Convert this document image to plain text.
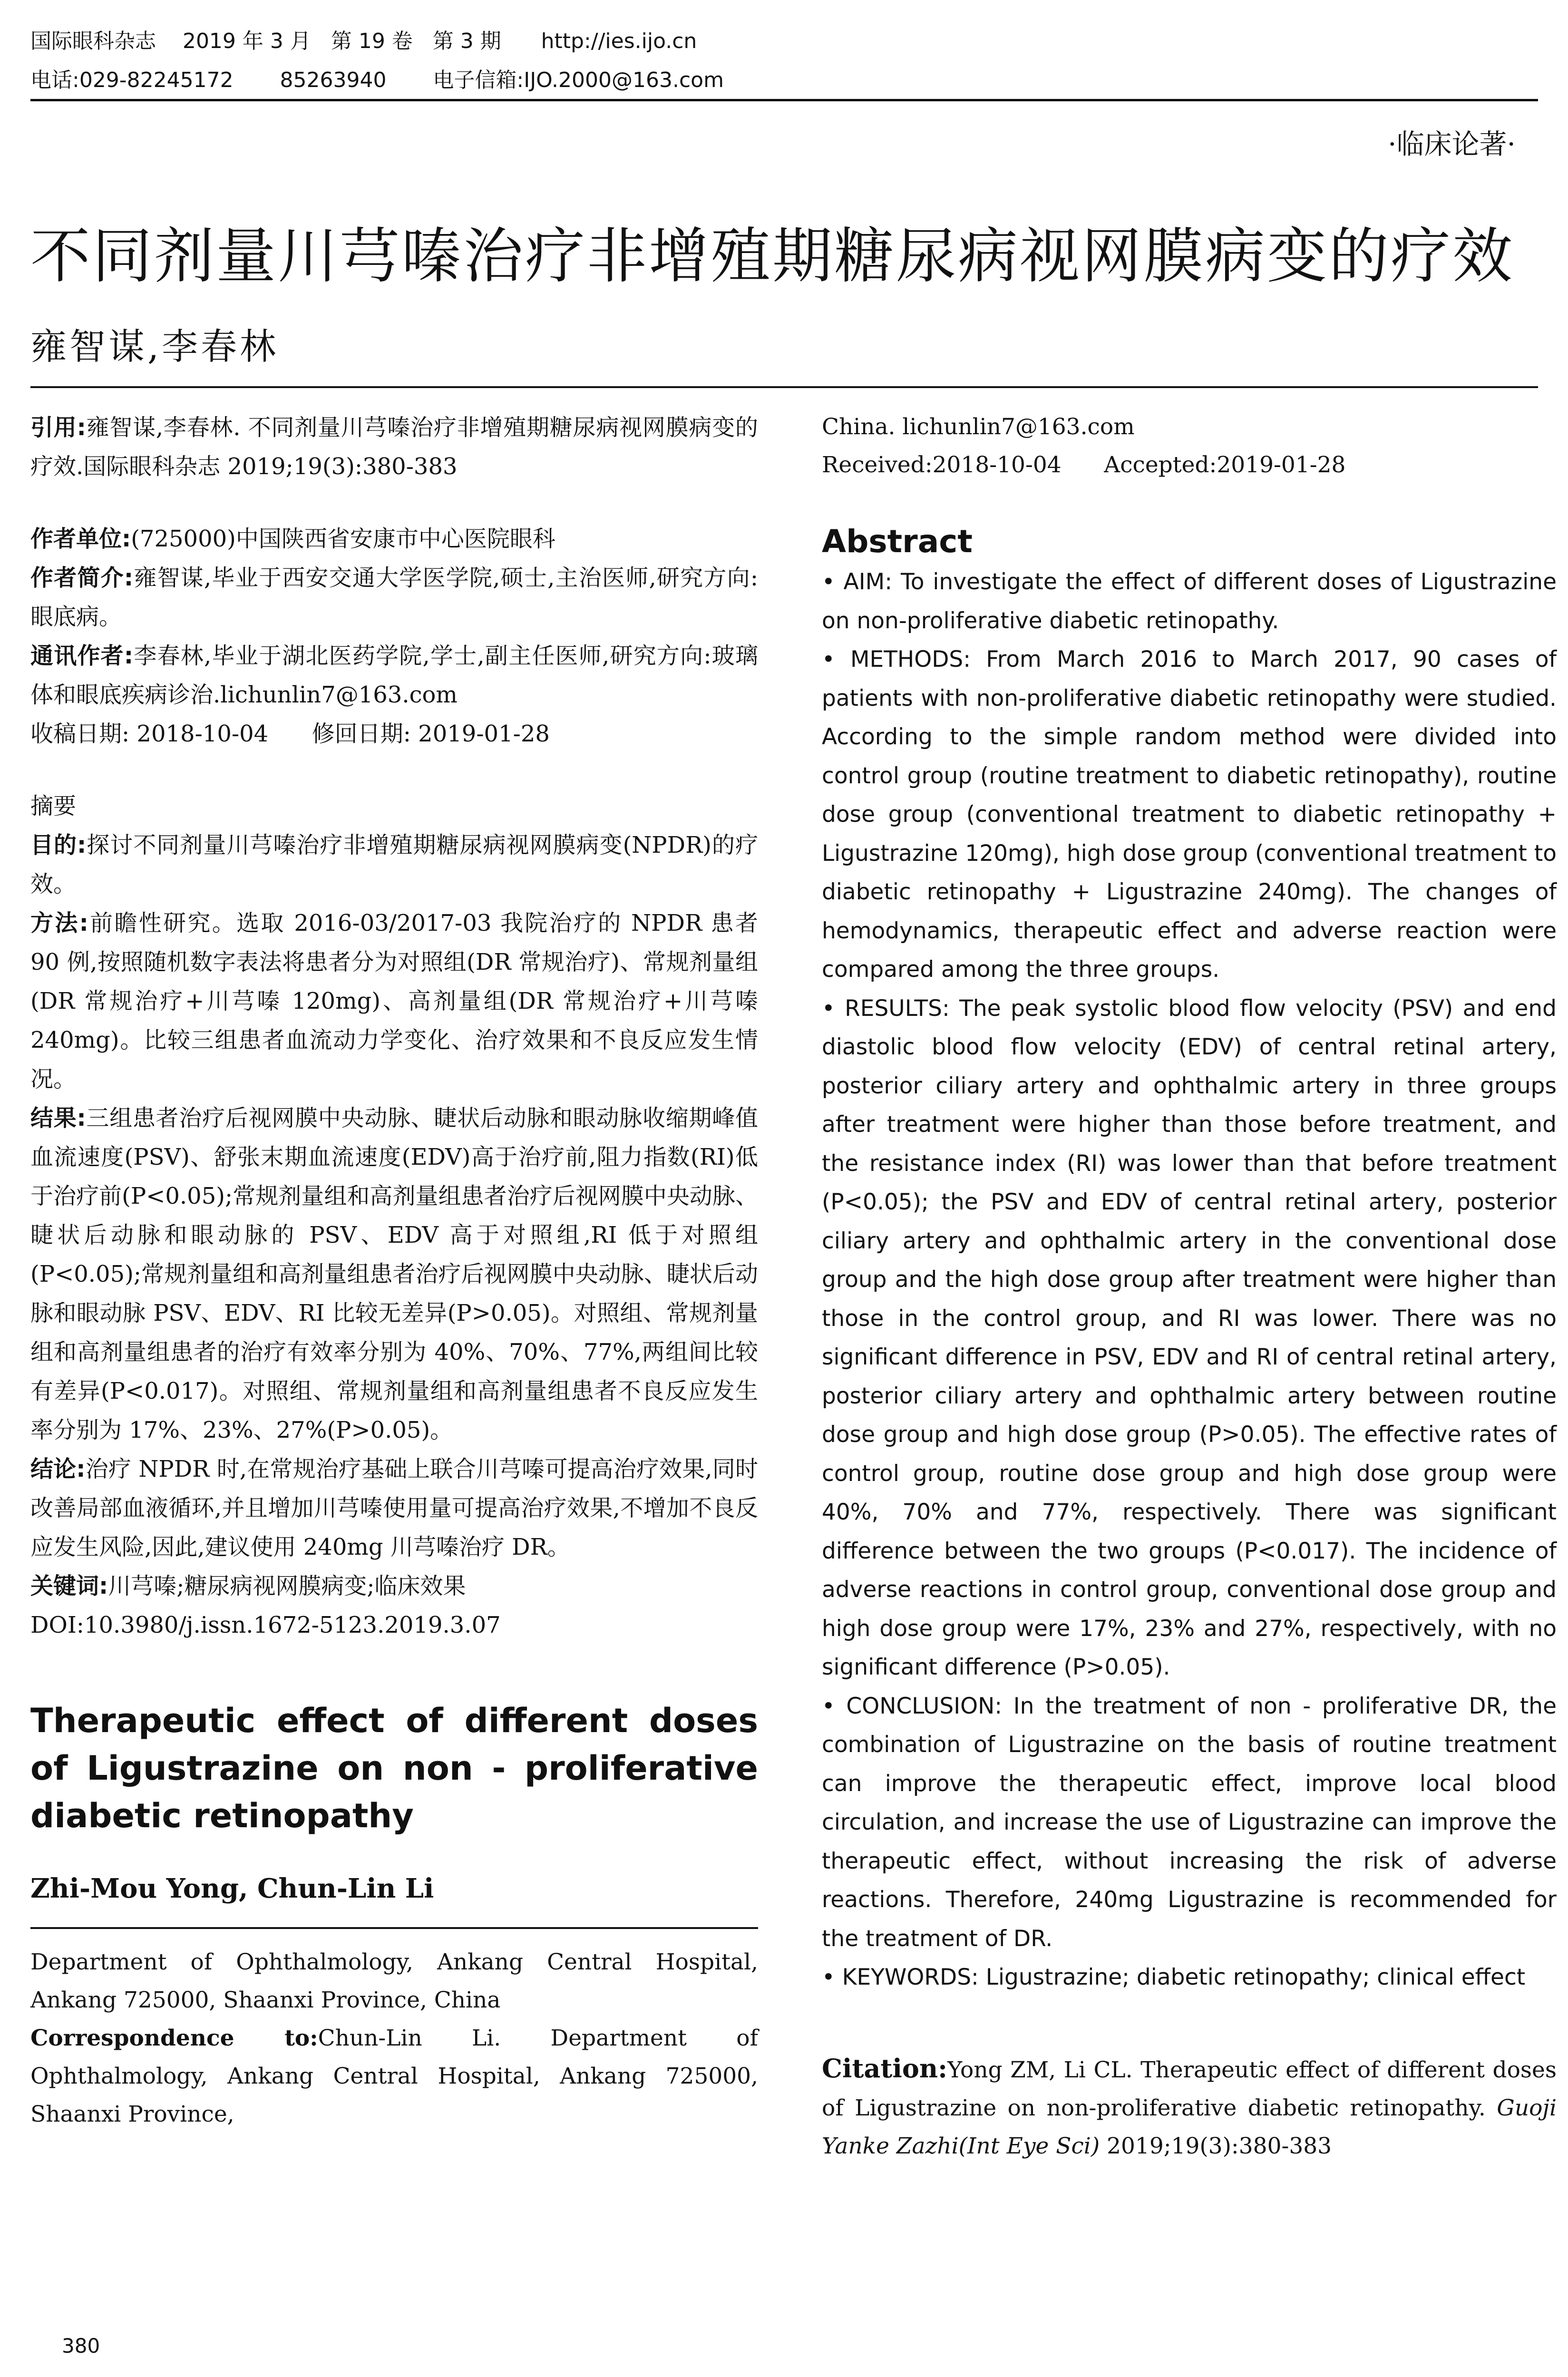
国际眼科杂志    2019 年 3 月   第 19 卷   第 3 期      http://ies.ijo.cn
电话:029-82245172       85263940       电子信箱:IJO.2000@163.com
·临床论著·
不同剂量川芎嗪治疗非增殖期糖尿病视网膜病变的疗效
雍智谋,李春林

引用:雍智谋,李春林. 不同剂量川芎嗪治疗非增殖期糖尿病视网膜病变的疗效.国际眼科杂志 2019;19(3):380-383

作者单位:(725000)中国陕西省安康市中心医院眼科

作者简介:雍智谋,毕业于西安交通大学医学院,硕士,主治医师,研究方向:眼底病。

通讯作者:李春林,毕业于湖北医药学院,学士,副主任医师,研究方向:玻璃体和眼底疾病诊治.lichunlin7@163.com

收稿日期: 2018-10-04      修回日期: 2019-01-28

摘要

目的:探讨不同剂量川芎嗪治疗非增殖期糖尿病视网膜病变(NPDR)的疗效。

方法:前瞻性研究。选取 2016-03/2017-03 我院治疗的 NPDR 患者 90 例,按照随机数字表法将患者分为对照组(DR 常规治疗)、常规剂量组(DR 常规治疗+川芎嗪 120mg)、高剂量组(DR 常规治疗+川芎嗪 240mg)。比较三组患者血流动力学变化、治疗效果和不良反应发生情况。

结果:三组患者治疗后视网膜中央动脉、睫状后动脉和眼动脉收缩期峰值血流速度(PSV)、舒张末期血流速度(EDV)高于治疗前,阻力指数(RI)低于治疗前(P<0.05);常规剂量组和高剂量组患者治疗后视网膜中央动脉、睫状后动脉和眼动脉的 PSV、EDV 高于对照组,RI 低于对照组(P<0.05);常规剂量组和高剂量组患者治疗后视网膜中央动脉、睫状后动脉和眼动脉 PSV、EDV、RI 比较无差异(P>0.05)。对照组、常规剂量组和高剂量组患者的治疗有效率分别为 40%、70%、77%,两组间比较有差异(P<0.017)。对照组、常规剂量组和高剂量组患者不良反应发生率分别为 17%、23%、27%(P>0.05)。

结论:治疗 NPDR 时,在常规治疗基础上联合川芎嗪可提高治疗效果,同时改善局部血液循环,并且增加川芎嗪使用量可提高治疗效果,不增加不良反应发生风险,因此,建议使用 240mg 川芎嗪治疗 DR。

关键词:川芎嗪;糖尿病视网膜病变;临床效果

DOI:10.3980/j.issn.1672-5123.2019.3.07

Therapeutic effect of different doses of Ligustrazine on non - proliferative diabetic retinopathy

Zhi-Mou Yong, Chun-Lin Li

Department of Ophthalmology, Ankang Central Hospital, Ankang 725000, Shaanxi Province, China

Correspondence to:Chun-Lin Li. Department of Ophthalmology, Ankang Central Hospital, Ankang 725000, Shaanxi Province,

China. lichunlin7@163.com

Received:2018-10-04      Accepted:2019-01-28

Abstract

• AIM: To investigate the effect of different doses of Ligustrazine on non-proliferative diabetic retinopathy.

• METHODS: From March 2016 to March 2017, 90 cases of patients with non-proliferative diabetic retinopathy were studied. According to the simple random method were divided into control group (routine treatment to diabetic retinopathy), routine dose group (conventional treatment to diabetic retinopathy + Ligustrazine 120mg), high dose group (conventional treatment to diabetic retinopathy + Ligustrazine 240mg). The changes of hemodynamics, therapeutic effect and adverse reaction were compared among the three groups.

• RESULTS: The peak systolic blood flow velocity (PSV) and end diastolic blood flow velocity (EDV) of central retinal artery, posterior ciliary artery and ophthalmic artery in three groups after treatment were higher than those before treatment, and the resistance index (RI) was lower than that before treatment (P<0.05); the PSV and EDV of central retinal artery, posterior ciliary artery and ophthalmic artery in the conventional dose group and the high dose group after treatment were higher than those in the control group, and RI was lower. There was no significant difference in PSV, EDV and RI of central retinal artery, posterior ciliary artery and ophthalmic artery between routine dose group and high dose group (P>0.05). The effective rates of control group, routine dose group and high dose group were 40%, 70% and 77%, respectively. There was significant difference between the two groups (P<0.017). The incidence of adverse reactions in control group, conventional dose group and high dose group were 17%, 23% and 27%, respectively, with no significant difference (P>0.05).

• CONCLUSION: In the treatment of non - proliferative DR, the combination of Ligustrazine on the basis of routine treatment can improve the therapeutic effect, improve local blood circulation, and increase the use of Ligustrazine can improve the therapeutic effect, without increasing the risk of adverse reactions. Therefore, 240mg Ligustrazine is recommended for the treatment of DR.

• KEYWORDS: Ligustrazine; diabetic retinopathy; clinical effect

Citation:Yong ZM, Li CL. Therapeutic effect of different doses of Ligustrazine on non-proliferative diabetic retinopathy. Guoji Yanke Zazhi(Int Eye Sci) 2019;19(3):380-383

380
